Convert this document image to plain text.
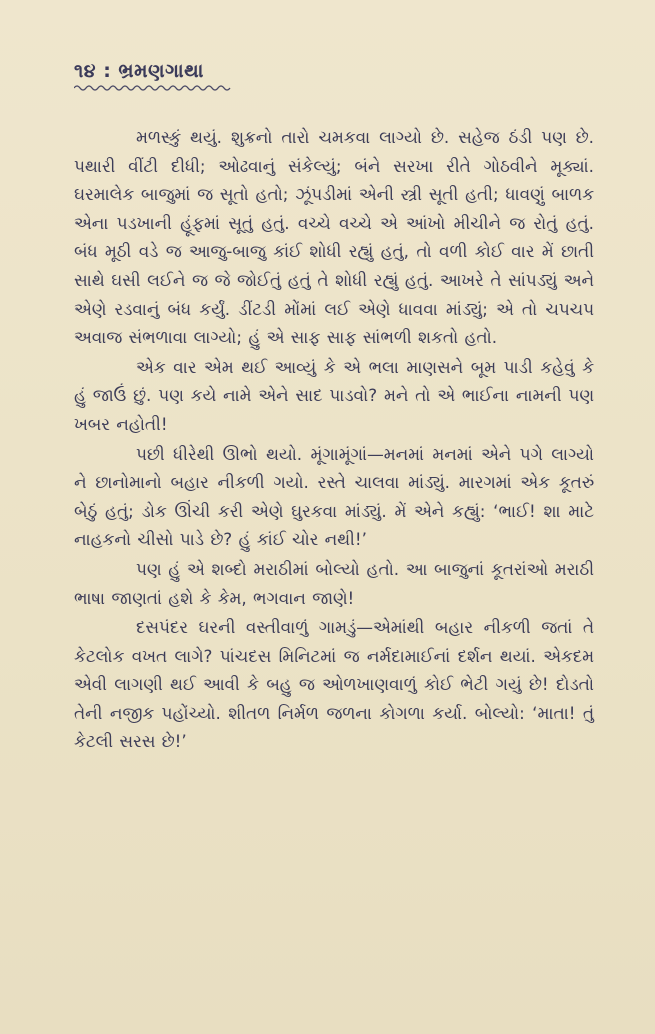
૧૪ : ભ્રમણગાથા

મળસ્કું થયું. શુક્રનો તારો ચમકવા લાગ્યો છે. સહેજ ઠંડી પણ છે. પથારી વીંટી દીધી; ઓઢવાનું સંકેલ્યું; બંને સરખા રીતે ગોઠવીને મૂક્યાં. ઘરમાલેક બાજુમાં જ સૂતો હતો; ઝૂંપડીમાં એની સ્ત્રી સૂતી હતી; ધાવણું બાળક એના પડખાની હૂંફમાં સૂતું હતું. વચ્ચે વચ્ચે એ આંખો મીચીને જ રોતું હતું. બંધ મૂઠી વડે જ આજુ-બાજુ કાંઈ શોધી રહ્યું હતું, તો વળી કોઈ વાર મેં છાતી સાથે ઘસી લઈને જ જે જોઈતું હતું તે શોધી રહ્યું હતું. આખરે તે સાંપડ્યું અને એણે રડવાનું બંધ કર્યું. ડીંટડી મોંમાં લઈ એણે ધાવવા માંડ્યું; એ તો ચપચપ અવાજ સંભળાવા લાગ્યો; હું એ સાફ સાફ સાંભળી શકતો હતો.

એક વાર એમ થઈ આવ્યું કે એ ભલા માણસને બૂમ પાડી કહેવું કે હું જાઉં છું. પણ કયે નામે એને સાદ પાડવો? મને તો એ ભાઈના નામની પણ ખબર નહોતી!

પછી ધીરેથી ઊભો થયો. મૂંગામૂંગાં—મનમાં મનમાં એને પગે લાગ્યો ને છાનોમાનો બહાર નીકળી ગયો. રસ્તે ચાલવા માંડ્યું. મારગમાં એક કૂતરું બેઠું હતું; ડોક ઊંચી કરી એણે ઘુરકવા માંડ્યું. મેં એને કહ્યું: ‘ભાઈ! શા માટે નાહકનો ચીસો પાડે છે? હું કાંઈ ચોર નથી!’

પણ હું એ શબ્દો મરાઠીમાં બોલ્યો હતો. આ બાજુનાં કૂતરાંઓ મરાઠી ભાષા જાણતાં હશે કે કેમ, ભગવાન જાણે!

દસપંદર ઘરની વસ્તીવાળું ગામડું—એમાંથી બહાર નીકળી જતાં તે કેટલોક વખત લાગે? પાંચદસ મિનિટમાં જ નર્મદામાઈનાં દર્શન થયાં. એકદમ એવી લાગણી થઈ આવી કે બહુ જ ઓળખાણવાળું કોઈ ભેટી ગયું છે! દોડતો તેની નજીક પહોંચ્યો. શીતળ નિર્મળ જળના કોગળા કર્યા. બોલ્યો: ‘માતા! તું કેટલી સરસ છે!’
